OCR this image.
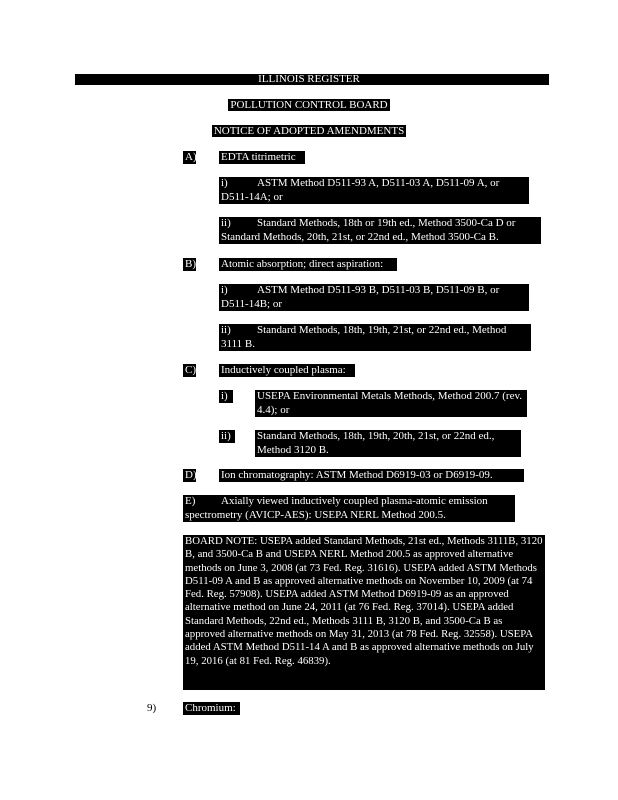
ILLINOIS REGISTER
POLLUTION CONTROL BOARD
NOTICE OF ADOPTED AMENDMENTS
A) EDTA titrimetric
i)	ASTM Method D511-93 A, D511-03 A, D511-09 A, or D511-14A; or
ii) Standard Methods, 18th or 19th ed., Method 3500-Ca D or Standard Methods, 20th, 21st, or 22nd ed., Method 3500-Ca B.
B) Atomic absorption; direct aspiration:
i)	ASTM Method D511-93 B, D511-03 B, D511-09 B, or D511-14B; or
ii) Standard Methods, 18th, 19th, 21st, or 22nd ed., Method 3111 B.
C) Inductively coupled plasma:
i)	USEPA Environmental Metals Methods, Method 200.7 (rev. 4.4); or
ii)	Standard Methods, 18th, 19th, 20th, 21st, or 22nd ed., Method 3120 B.
D) Ion chromatography: ASTM Method D6919-03 or D6919-09.
E) Axially viewed inductively coupled plasma-atomic emission spectrometry (AVICP-AES): USEPA NERL Method 200.5.
BOARD NOTE: USEPA added Standard Methods, 21st ed., Methods 3111B, 3120 B, and 3500-Ca B and USEPA NERL Method 200.5 as approved alternative methods on June 3, 2008 (at 73 Fed. Reg. 31616). USEPA added ASTM Methods D511-09 A and B as approved alternative methods on November 10, 2009 (at 74 Fed. Reg. 57908). USEPA added ASTM Method D6919-09 as an approved alternative method on June 24, 2011 (at 76 Fed. Reg. 37014). USEPA added Standard Methods, 22nd ed., Methods 3111 B, 3120 B, and 3500-Ca B as approved alternative methods on May 31, 2013 (at 78 Fed. Reg. 32558). USEPA added ASTM Method D511-14 A and B as approved alternative methods on July 19, 2016 (at 81 Fed. Reg. 46839).
9)	Chromium:
